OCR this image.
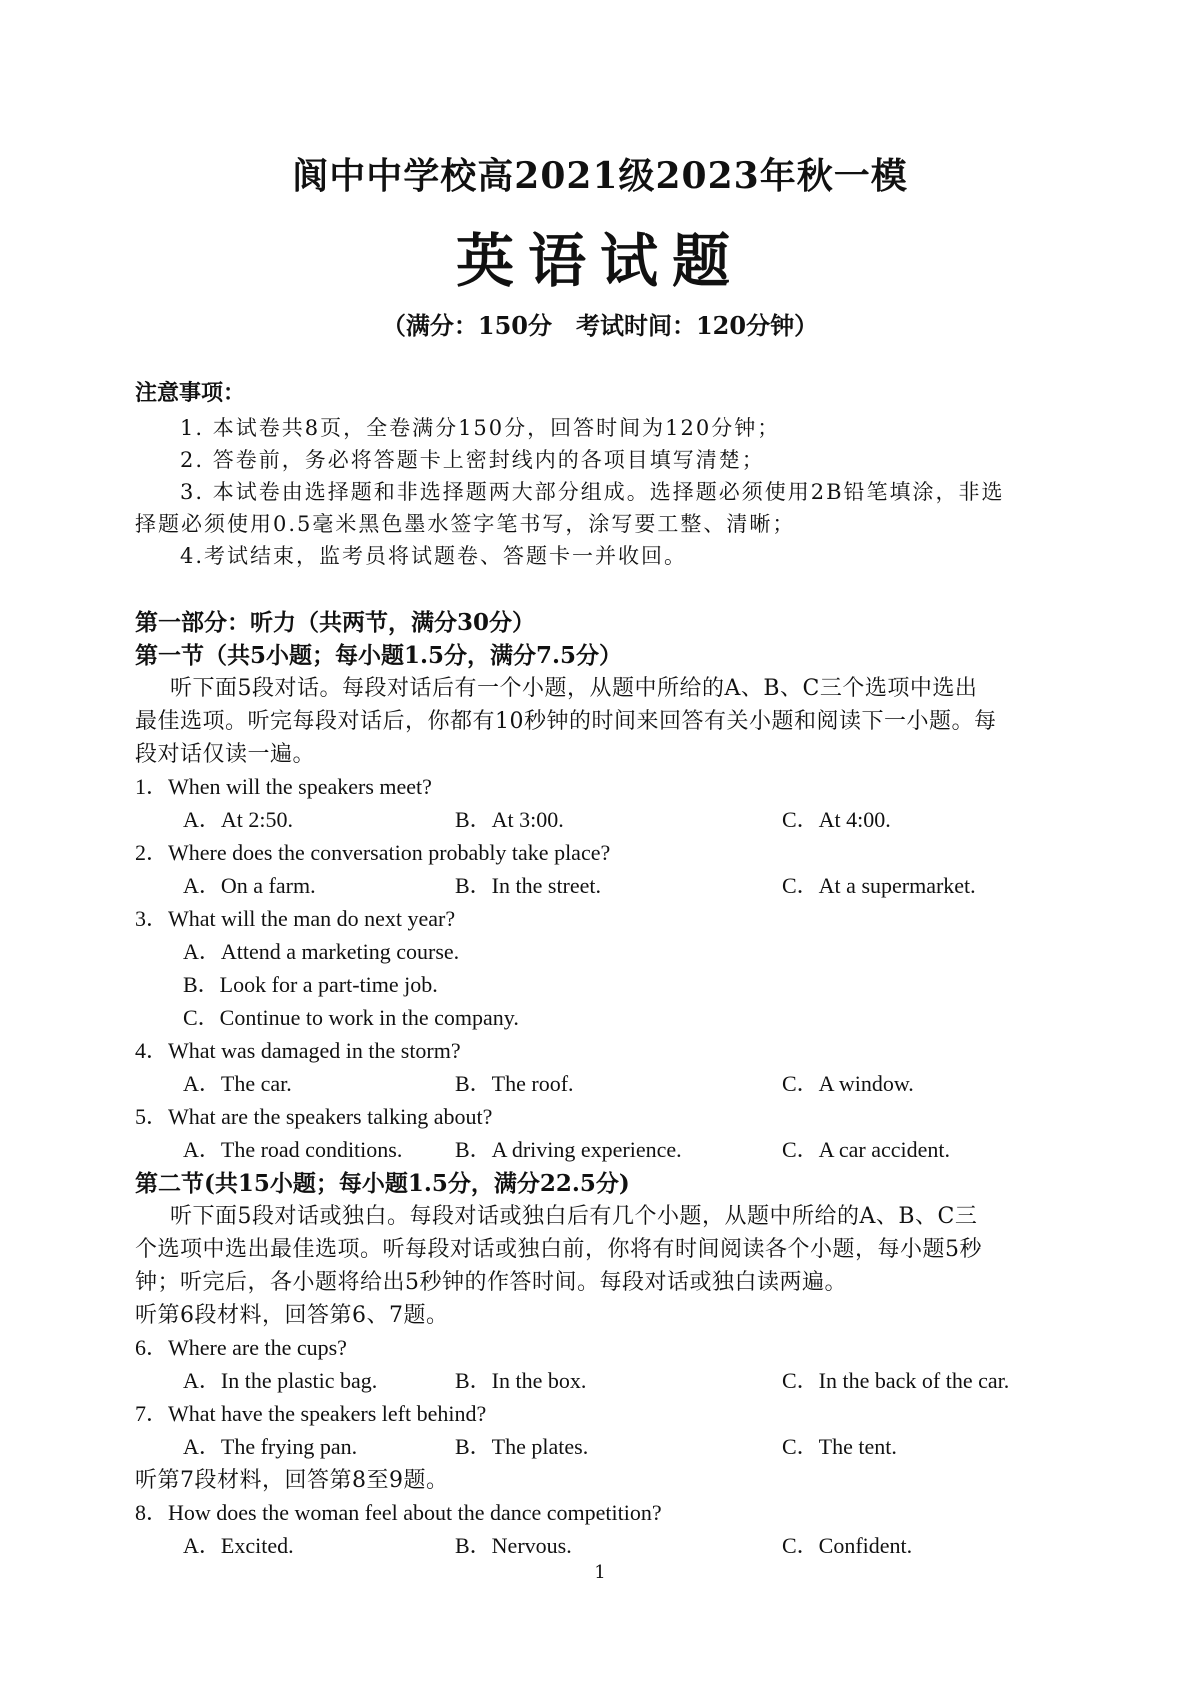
阆中中学校高2021级2023年秋一模
英语试题
（满分：150分　考试时间：120分钟）
注意事项：
1. 本试卷共8页，全卷满分150分，回答时间为120分钟；
2. 答卷前，务必将答题卡上密封线内的各项目填写清楚；
3. 本试卷由选择题和非选择题两大部分组成。选择题必须使用2B铅笔填涂，非选
择题必须使用0.5毫米黑色墨水签字笔书写，涂写要工整、清晰；
4.考试结束，监考员将试题卷、答题卡一并收回。
第一部分：听力（共两节，满分30分）
第一节（共5小题；每小题1.5分，满分7.5分）
听下面5段对话。每段对话后有一个小题，从题中所给的A、B、C三个选项中选出
最佳选项。听完每段对话后，你都有10秒钟的时间来回答有关小题和阅读下一小题。每
段对话仅读一遍。
1．When will the speakers meet?
A．At 2:50.	B．At 3:00.	C．At 4:00.
2．Where does the conversation probably take place?
A．On a farm.	B．In the street.	C．At a supermarket.
3．What will the man do next year?
A．Attend a marketing course.
B．Look for a part-time job.
C．Continue to work in the company.
4．What was damaged in the storm?
A．The car.	B．The roof.	C．A window.
5．What are the speakers talking about?
A．The road conditions. B．A driving experience.	C．A car accident.
第二节(共15小题；每小题1.5分，满分22.5分)
听下面5段对话或独白。每段对话或独白后有几个小题，从题中所给的A、B、C三
个选项中选出最佳选项。听每段对话或独白前，你将有时间阅读各个小题，每小题5秒
钟；听完后，各小题将给出5秒钟的作答时间。每段对话或独白读两遍。
听第6段材料，回答第6、7题。
6．Where are the cups?
A．In the plastic bag.	B．In the box.	C．In the back of the car.
7．What have the speakers left behind?
A．The frying pan.	B．The plates.	C．The tent.
听第7段材料，回答第8至9题。
8．How does the woman feel about the dance competition?
A．Excited.	B．Nervous.	C．Confident.
1
